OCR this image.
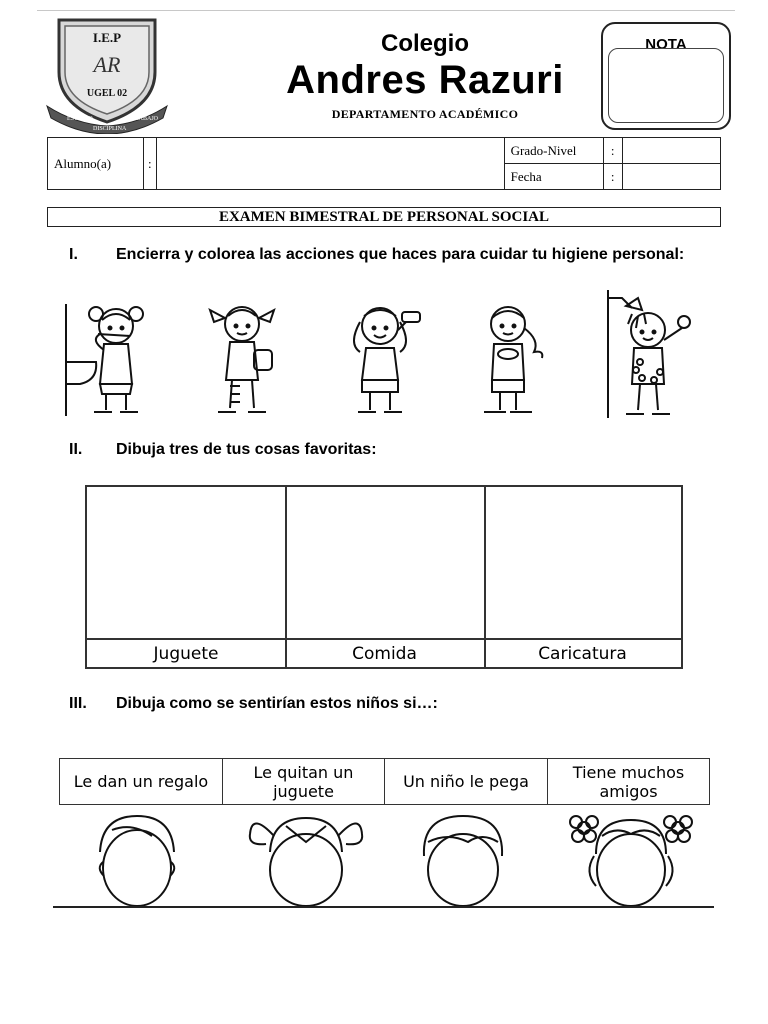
I.E.P
UGEL 02
AR
ESTUDIO
DISCIPLINA
TRABAJO
Colegio
Andres Razuri
DEPARTAMENTO ACADÉMICO
NOTA
Alumno(a)	:		Grado-Nivel	:	
			Fecha	:	
EXAMEN BIMESTRAL DE PERSONAL SOCIAL
I. Encierra y colorea las acciones que haces para cuidar tu higiene personal:
II. Dibuja tres de tus cosas favoritas:
Juguete	Comida	Caricatura
III. Dibuja como se sentirían estos niños si…:
Le dan un regalo	Le quitan un juguete	Un niño le pega	Tiene muchos amigos
